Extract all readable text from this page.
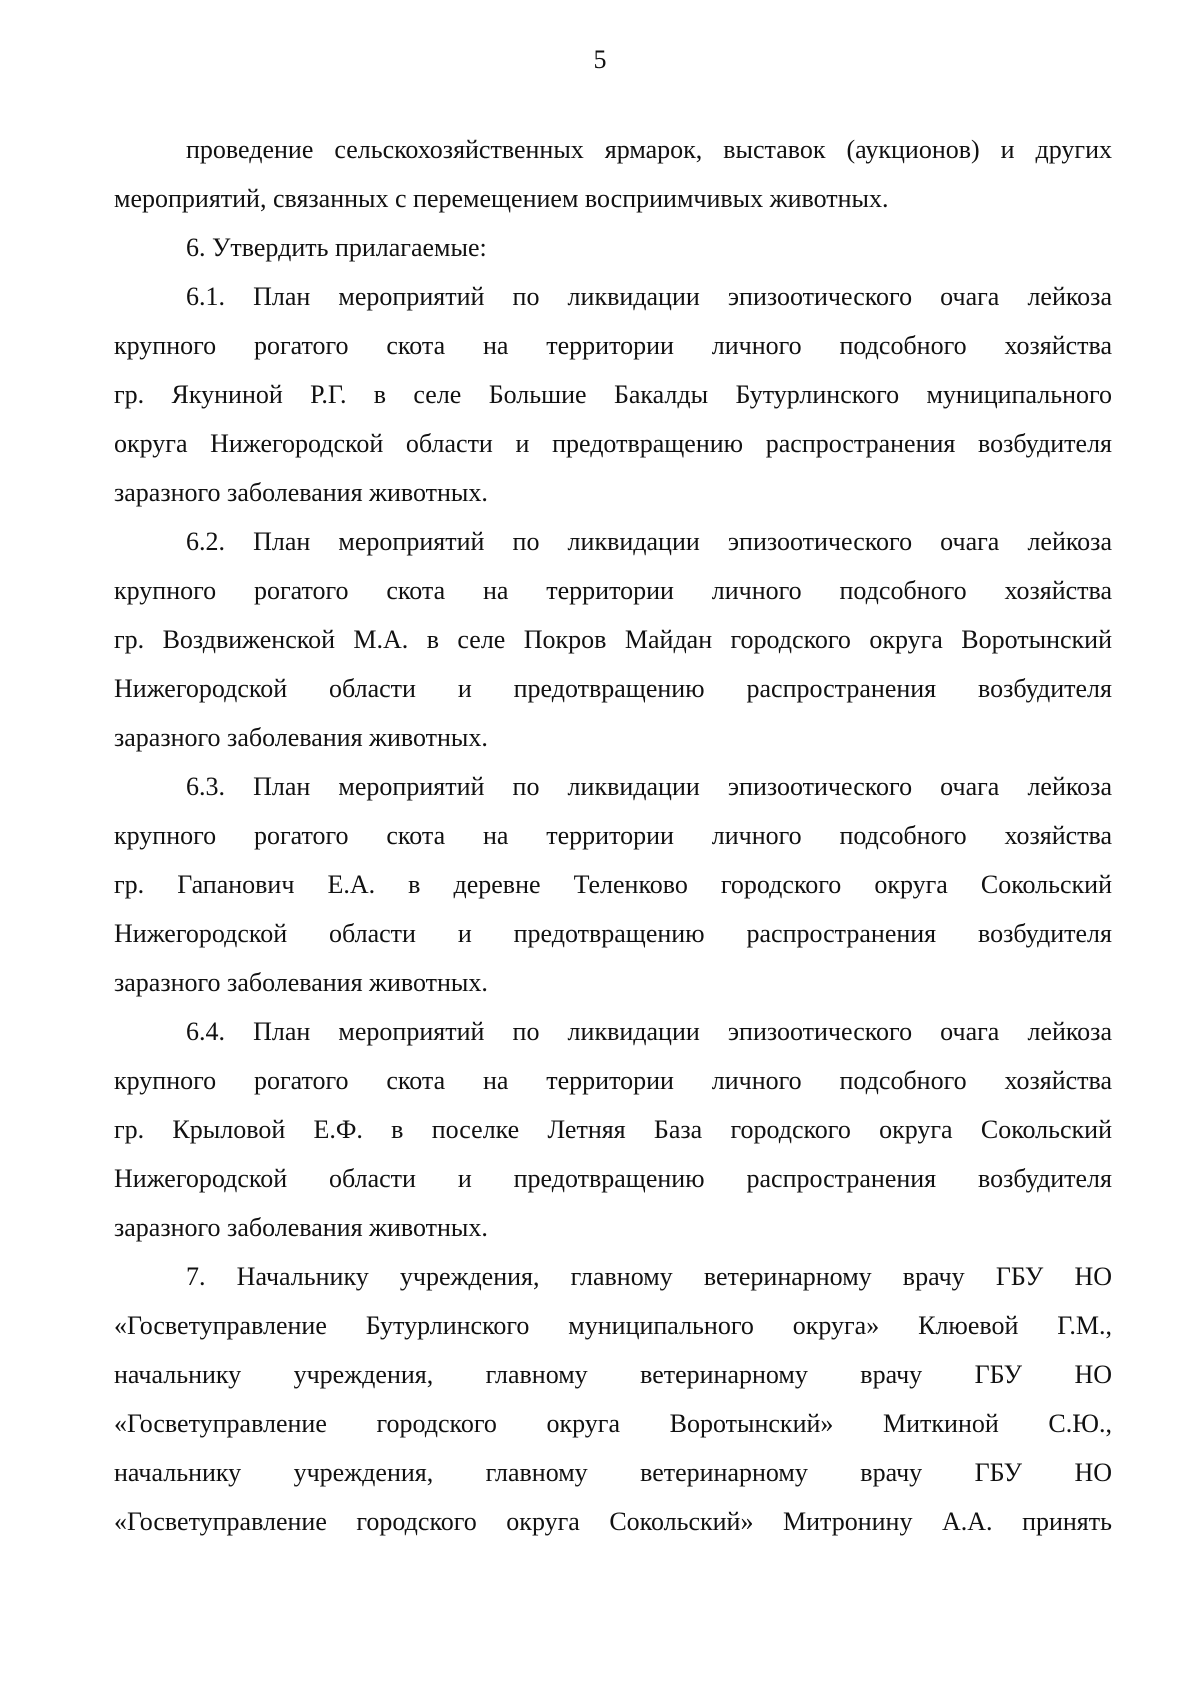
5
проведение сельскохозяйственных ярмарок, выставок (аукционов) и других
мероприятий, связанных с перемещением восприимчивых животных.
6. Утвердить прилагаемые:
6.1. План мероприятий по ликвидации эпизоотического очага лейкоза
крупного рогатого скота на территории личного подсобного хозяйства
гр. Якуниной Р.Г. в селе Большие Бакалды Бутурлинского муниципального
округа Нижегородской области и предотвращению распространения возбудителя
заразного заболевания животных.
6.2. План мероприятий по ликвидации эпизоотического очага лейкоза
крупного рогатого скота на территории личного подсобного хозяйства
гр. Воздвиженской М.А. в селе Покров Майдан городского округа Воротынский
Нижегородской области и предотвращению распространения возбудителя
заразного заболевания животных.
6.3. План мероприятий по ликвидации эпизоотического очага лейкоза
крупного рогатого скота на территории личного подсобного хозяйства
гр. Гапанович Е.А. в деревне Теленково городского округа Сокольский
Нижегородской области и предотвращению распространения возбудителя
заразного заболевания животных.
6.4. План мероприятий по ликвидации эпизоотического очага лейкоза
крупного рогатого скота на территории личного подсобного хозяйства
гр. Крыловой Е.Ф. в поселке Летняя База городского округа Сокольский
Нижегородской области и предотвращению распространения возбудителя
заразного заболевания животных.
7. Начальнику учреждения, главному ветеринарному врачу ГБУ НО
«Госветуправление Бутурлинского муниципального округа» Клюевой Г.М.,
начальнику учреждения, главному ветеринарному врачу ГБУ НО
«Госветуправление городского округа Воротынский» Миткиной С.Ю.,
начальнику учреждения, главному ветеринарному врачу ГБУ НО
«Госветуправление городского округа Сокольский» Митронину А.А. принять
